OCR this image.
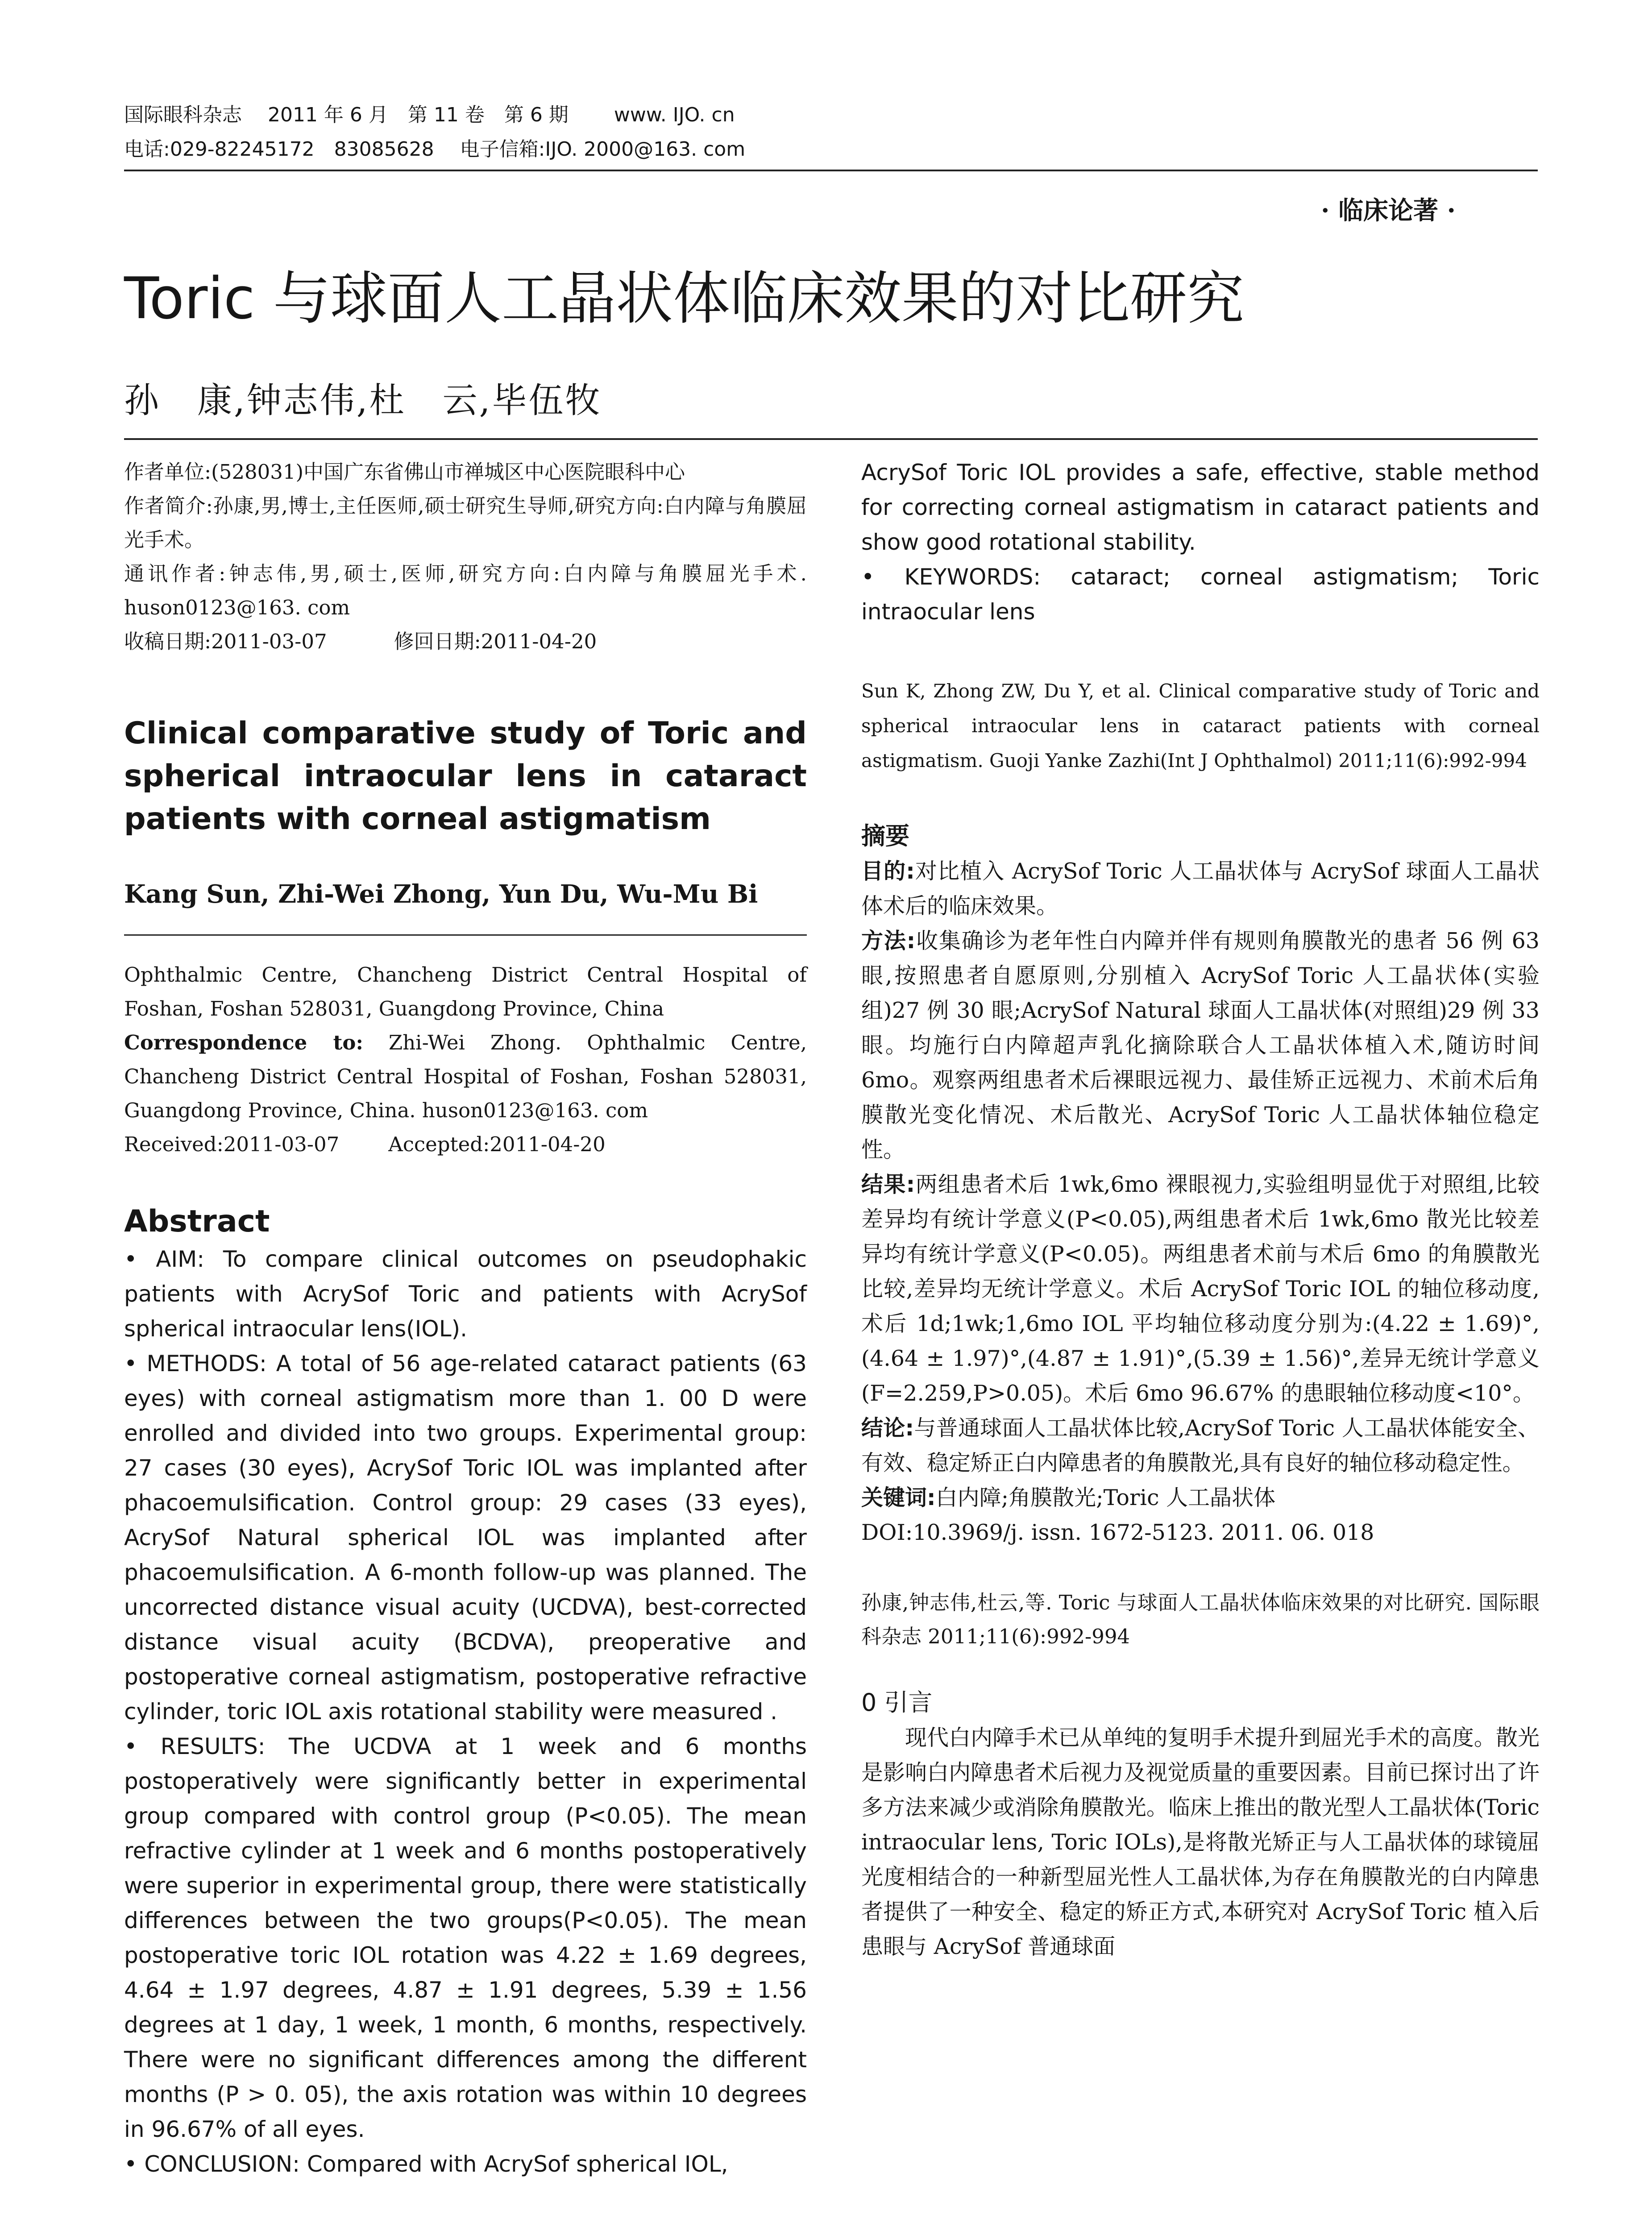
国际眼科杂志　 2011 年 6 月　第 11 卷　第 6 期　　 www. IJO. cn
电话:029-82245172　83085628　 电子信箱:IJO. 2000@163. com
· 临床论著 ·
Toric 与球面人工晶状体临床效果的对比研究
孙　康,钟志伟,杜　云,毕伍牧

作者单位:(528031)中国广东省佛山市禅城区中心医院眼科中心

作者简介:孙康,男,博士,主任医师,硕士研究生导师,研究方向:白内障与角膜屈光手术。

通讯作者:钟志伟,男,硕士,医师,研究方向:白内障与角膜屈光手术. huson0123@163. com

收稿日期:2011-03-07	修回日期:2011-04-20

Clinical comparative study of Toric and spherical intraocular lens in cataract patients with corneal astigmatism
Kang Sun, Zhi-Wei Zhong, Yun Du, Wu-Mu Bi

Ophthalmic Centre, Chancheng District Central Hospital of Foshan, Foshan 528031, Guangdong Province, China

Correspondence to: Zhi-Wei Zhong. Ophthalmic Centre, Chancheng District Central Hospital of Foshan, Foshan 528031, Guangdong Province, China. huson0123@163. com

Received:2011-03-07 Accepted:2011-04-20

Abstract

• AIM: To compare clinical outcomes on pseudophakic patients with AcrySof Toric and patients with AcrySof spherical intraocular lens(IOL).

• METHODS: A total of 56 age-related cataract patients (63 eyes) with corneal astigmatism more than 1. 00 D were enrolled and divided into two groups. Experimental group: 27 cases (30 eyes), AcrySof Toric IOL was implanted after phacoemulsification. Control group: 29 cases (33 eyes), AcrySof Natural spherical IOL was implanted after phacoemulsification. A 6-month follow-up was planned. The uncorrected distance visual acuity (UCDVA), best-corrected distance visual acuity (BCDVA), preoperative and postoperative corneal astigmatism, postoperative refractive cylinder, toric IOL axis rotational stability were measured .

• RESULTS: The UCDVA at 1 week and 6 months postoperatively were significantly better in experimental group compared with control group (P<0.05). The mean refractive cylinder at 1 week and 6 months postoperatively were superior in experimental group, there were statistically differences between the two groups(P<0.05). The mean postoperative toric IOL rotation was 4.22 ± 1.69 degrees, 4.64 ± 1.97 degrees, 4.87 ± 1.91 degrees, 5.39 ± 1.56 degrees at 1 day, 1 week, 1 month, 6 months, respectively. There were no significant differences among the different months (P > 0. 05), the axis rotation was within 10 degrees in 96.67% of all eyes.

• CONCLUSION: Compared with AcrySof spherical IOL,

AcrySof Toric IOL provides a safe, effective, stable method for correcting corneal astigmatism in cataract patients and show good rotational stability.

• KEYWORDS: cataract; corneal astigmatism; Toric intraocular lens

Sun K, Zhong ZW, Du Y, et al. Clinical comparative study of Toric and spherical intraocular lens in cataract patients with corneal astigmatism. Guoji Yanke Zazhi(Int J Ophthalmol) 2011;11(6):992-994

摘要

目的:对比植入 AcrySof Toric 人工晶状体与 AcrySof 球面人工晶状体术后的临床效果。

方法:收集确诊为老年性白内障并伴有规则角膜散光的患者 56 例 63 眼,按照患者自愿原则,分别植入 AcrySof Toric 人工晶状体(实验组)27 例 30 眼;AcrySof Natural 球面人工晶状体(对照组)29 例 33 眼。均施行白内障超声乳化摘除联合人工晶状体植入术,随访时间 6mo。观察两组患者术后裸眼远视力、最佳矫正远视力、术前术后角膜散光变化情况、术后散光、AcrySof Toric 人工晶状体轴位稳定性。

结果:两组患者术后 1wk,6mo 裸眼视力,实验组明显优于对照组,比较差异均有统计学意义(P<0.05),两组患者术后 1wk,6mo 散光比较差异均有统计学意义(P<0.05)。两组患者术前与术后 6mo 的角膜散光比较,差异均无统计学意义。术后 AcrySof Toric IOL 的轴位移动度,术后 1d;1wk;1,6mo IOL 平均轴位移动度分别为:(4.22 ± 1.69)°,(4.64 ± 1.97)°,(4.87 ± 1.91)°,(5.39 ± 1.56)°,差异无统计学意义(F=2.259,P>0.05)。术后 6mo 96.67% 的患眼轴位移动度<10°。

结论:与普通球面人工晶状体比较,AcrySof Toric 人工晶状体能安全、有效、稳定矫正白内障患者的角膜散光,具有良好的轴位移动稳定性。

关键词:白内障;角膜散光;Toric 人工晶状体

DOI:10.3969/j. issn. 1672-5123. 2011. 06. 018

孙康,钟志伟,杜云,等. Toric 与球面人工晶状体临床效果的对比研究. 国际眼科杂志 2011;11(6):992-994

0 引言

现代白内障手术已从单纯的复明手术提升到屈光手术的高度。散光是影响白内障患者术后视力及视觉质量的重要因素。目前已探讨出了许多方法来减少或消除角膜散光。临床上推出的散光型人工晶状体(Toric intraocular lens, Toric IOLs),是将散光矫正与人工晶状体的球镜屈光度相结合的一种新型屈光性人工晶状体,为存在角膜散光的白内障患者提供了一种安全、稳定的矫正方式,本研究对 AcrySof Toric 植入后患眼与 AcrySof 普通球面
